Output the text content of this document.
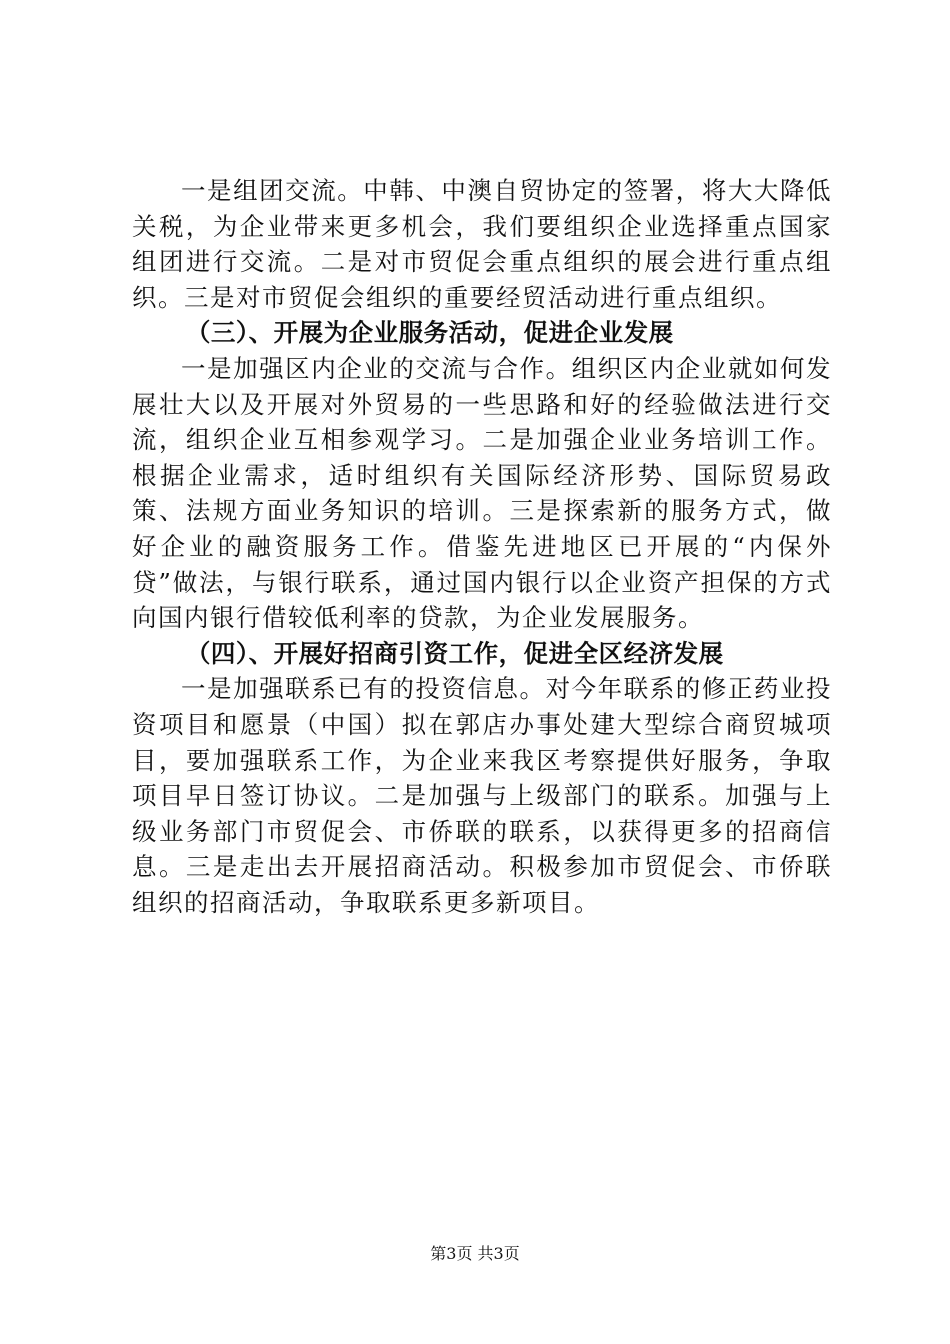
一是组团交流。中韩、中澳自贸协定的签署，将大大降低关税，为企业带来更多机会，我们要组织企业选择重点国家组团进行交流。二是对市贸促会重点组织的展会进行重点组织。三是对市贸促会组织的重要经贸活动进行重点组织。

（三）、开展为企业服务活动，促进企业发展

一是加强区内企业的交流与合作。组织区内企业就如何发展壮大以及开展对外贸易的一些思路和好的经验做法进行交流，组织企业互相参观学习。二是加强企业业务培训工作。根据企业需求，适时组织有关国际经济形势、国际贸易政策、法规方面业务知识的培训。三是探索新的服务方式，做好企业的融资服务工作。借鉴先进地区已开展的“内保外贷”做法，与银行联系，通过国内银行以企业资产担保的方式向国内银行借较低利率的贷款，为企业发展服务。

（四）、开展好招商引资工作，促进全区经济发展

一是加强联系已有的投资信息。对今年联系的修正药业投资项目和愿景（中国）拟在郭店办事处建大型综合商贸城项目，要加强联系工作，为企业来我区考察提供好服务，争取项目早日签订协议。二是加强与上级部门的联系。加强与上级业务部门市贸促会、市侨联的联系，以获得更多的招商信息。三是走出去开展招商活动。积极参加市贸促会、市侨联组织的招商活动，争取联系更多新项目。

第3页 共3页
